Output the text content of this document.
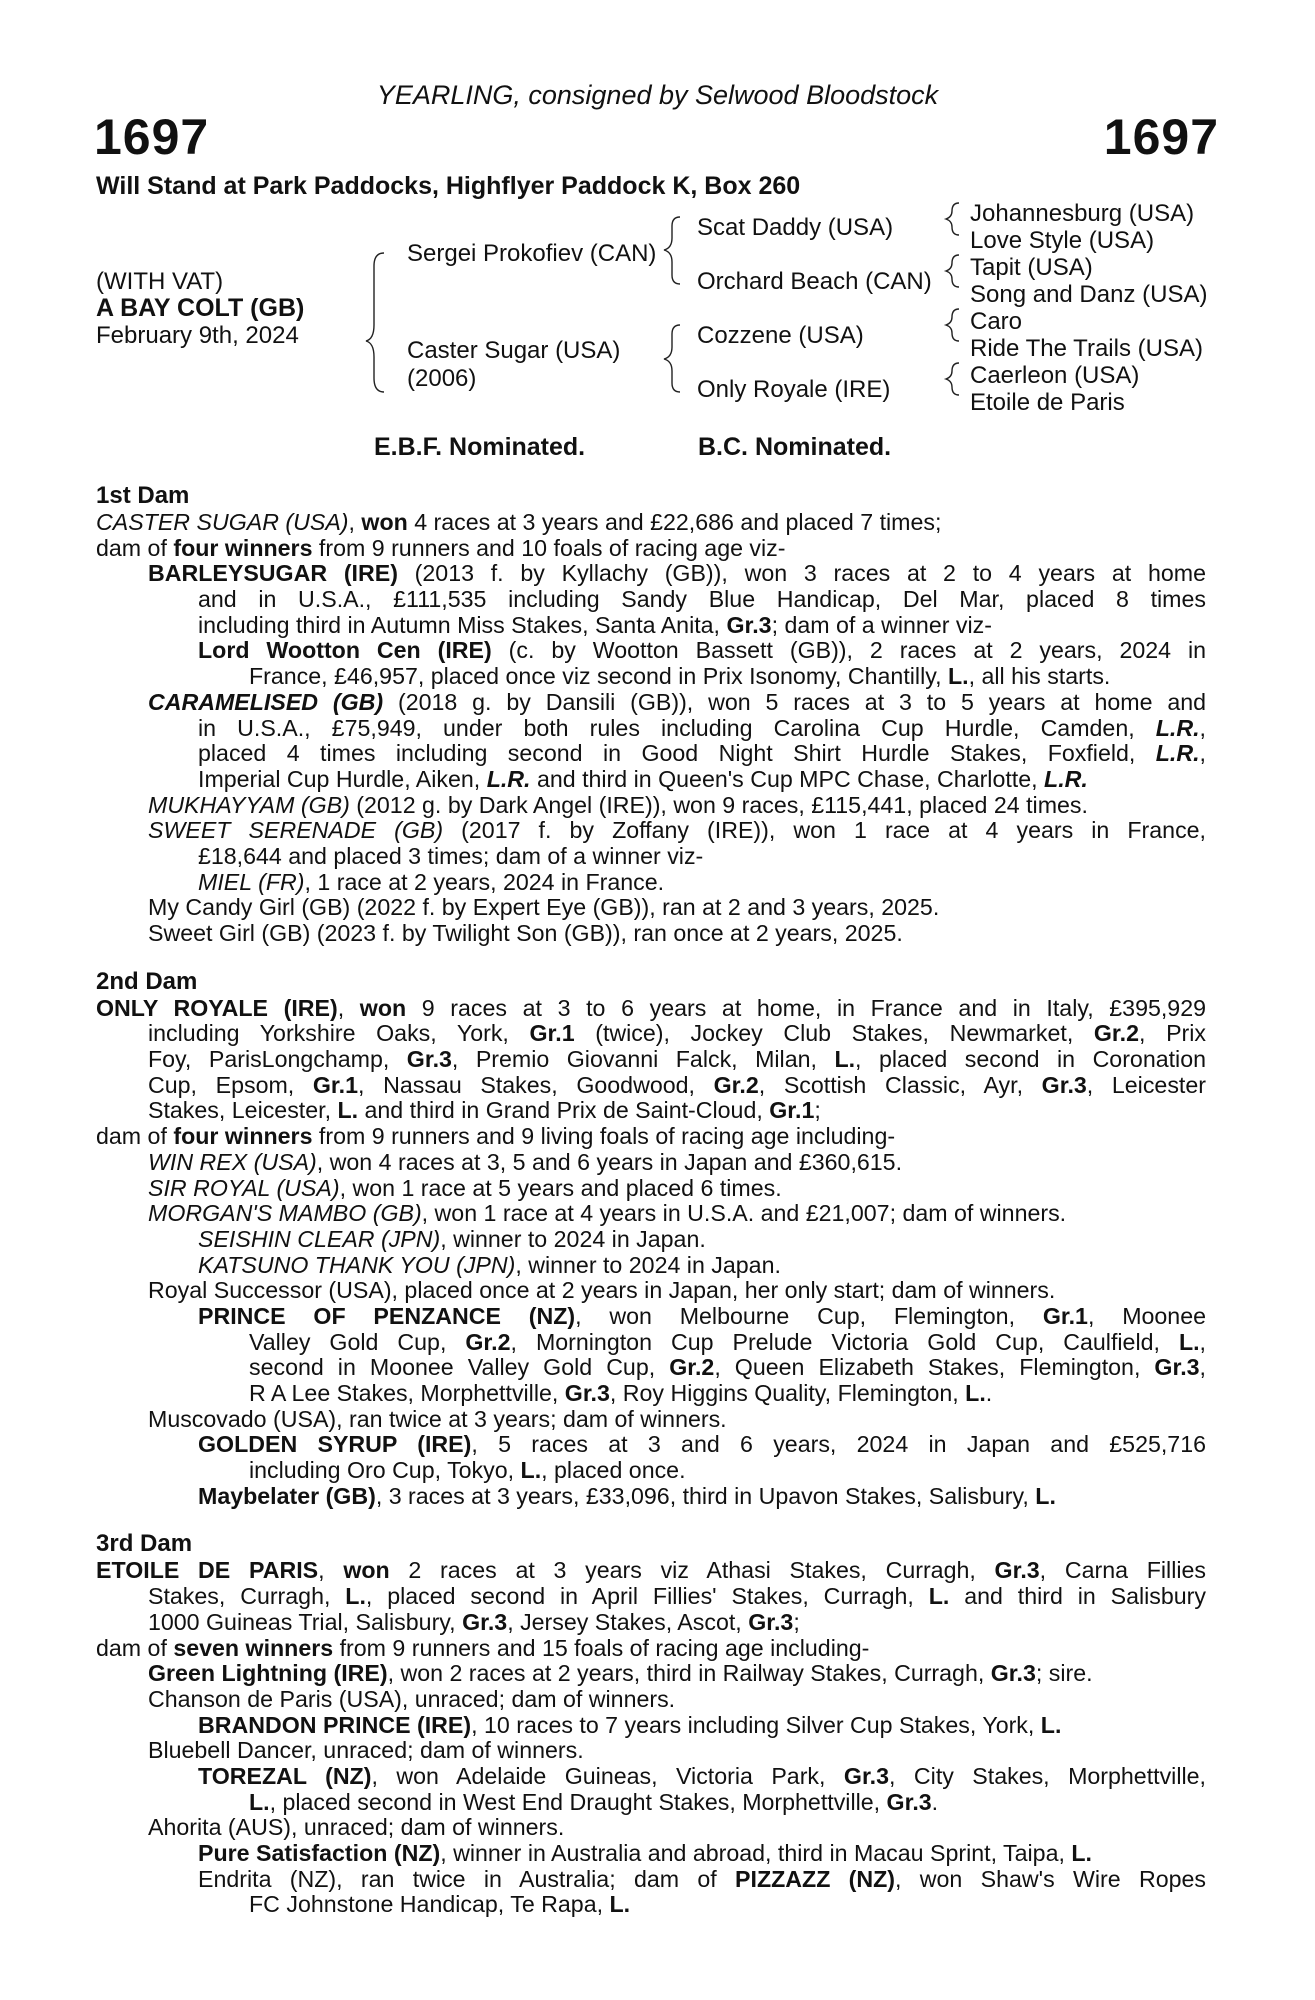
YEARLING, consigned by Selwood Bloodstock
1697	1697
Will Stand at Park Paddocks, Highflyer Paddock K, Box 260
(WITH VAT)
A BAY COLT (GB)
February 9th, 2024
Sergei Prokofiev (CAN)
Caster Sugar (USA)
(2006)
Scat Daddy (USA)
Orchard Beach (CAN)
Cozzene (USA)
Only Royale (IRE)
Johannesburg (USA)
Love Style (USA)
Tapit (USA)
Song and Danz (USA)
Caro
Ride The Trails (USA)
Caerleon (USA)
Etoile de Paris
E.B.F. Nominated.	B.C. Nominated.
1st Dam
CASTER SUGAR (USA), won 4 races at 3 years and £22,686 and placed 7 times;
dam of four winners from 9 runners and 10 foals of racing age viz-
BARLEYSUGAR (IRE) (2013 f. by Kyllachy (GB)), won 3 races at 2 to 4 years at home
and in U.S.A., £111,535 including Sandy Blue Handicap, Del Mar, placed 8 times
including third in Autumn Miss Stakes, Santa Anita, Gr.3; dam of a winner viz-
Lord Wootton Cen (IRE) (c. by Wootton Bassett (GB)), 2 races at 2 years, 2024 in
France, £46,957, placed once viz second in Prix Isonomy, Chantilly, L., all his starts.
CARAMELISED (GB) (2018 g. by Dansili (GB)), won 5 races at 3 to 5 years at home and
in U.S.A., £75,949, under both rules including Carolina Cup Hurdle, Camden, L.R.,
placed 4 times including second in Good Night Shirt Hurdle Stakes, Foxfield, L.R.,
Imperial Cup Hurdle, Aiken, L.R. and third in Queen's Cup MPC Chase, Charlotte, L.R.
MUKHAYYAM (GB) (2012 g. by Dark Angel (IRE)), won 9 races, £115,441, placed 24 times.
SWEET SERENADE (GB) (2017 f. by Zoffany (IRE)), won 1 race at 4 years in France,
£18,644 and placed 3 times; dam of a winner viz-
MIEL (FR), 1 race at 2 years, 2024 in France.
My Candy Girl (GB) (2022 f. by Expert Eye (GB)), ran at 2 and 3 years, 2025.
Sweet Girl (GB) (2023 f. by Twilight Son (GB)), ran once at 2 years, 2025.
2nd Dam
ONLY ROYALE (IRE), won 9 races at 3 to 6 years at home, in France and in Italy, £395,929
including Yorkshire Oaks, York, Gr.1 (twice), Jockey Club Stakes, Newmarket, Gr.2, Prix
Foy, ParisLongchamp, Gr.3, Premio Giovanni Falck, Milan, L., placed second in Coronation
Cup, Epsom, Gr.1, Nassau Stakes, Goodwood, Gr.2, Scottish Classic, Ayr, Gr.3, Leicester
Stakes, Leicester, L. and third in Grand Prix de Saint-Cloud, Gr.1;
dam of four winners from 9 runners and 9 living foals of racing age including-
WIN REX (USA), won 4 races at 3, 5 and 6 years in Japan and £360,615.
SIR ROYAL (USA), won 1 race at 5 years and placed 6 times.
MORGAN'S MAMBO (GB), won 1 race at 4 years in U.S.A. and £21,007; dam of winners.
SEISHIN CLEAR (JPN), winner to 2024 in Japan.
KATSUNO THANK YOU (JPN), winner to 2024 in Japan.
Royal Successor (USA), placed once at 2 years in Japan, her only start; dam of winners.
PRINCE OF PENZANCE (NZ), won Melbourne Cup, Flemington, Gr.1, Moonee
Valley Gold Cup, Gr.2, Mornington Cup Prelude Victoria Gold Cup, Caulfield, L.,
second in Moonee Valley Gold Cup, Gr.2, Queen Elizabeth Stakes, Flemington, Gr.3,
R A Lee Stakes, Morphettville, Gr.3, Roy Higgins Quality, Flemington, L..
Muscovado (USA), ran twice at 3 years; dam of winners.
GOLDEN SYRUP (IRE), 5 races at 3 and 6 years, 2024 in Japan and £525,716
including Oro Cup, Tokyo, L., placed once.
Maybelater (GB), 3 races at 3 years, £33,096, third in Upavon Stakes, Salisbury, L.
3rd Dam
ETOILE DE PARIS, won 2 races at 3 years viz Athasi Stakes, Curragh, Gr.3, Carna Fillies
Stakes, Curragh, L., placed second in April Fillies' Stakes, Curragh, L. and third in Salisbury
1000 Guineas Trial, Salisbury, Gr.3, Jersey Stakes, Ascot, Gr.3;
dam of seven winners from 9 runners and 15 foals of racing age including-
Green Lightning (IRE), won 2 races at 2 years, third in Railway Stakes, Curragh, Gr.3; sire.
Chanson de Paris (USA), unraced; dam of winners.
BRANDON PRINCE (IRE), 10 races to 7 years including Silver Cup Stakes, York, L.
Bluebell Dancer, unraced; dam of winners.
TOREZAL (NZ), won Adelaide Guineas, Victoria Park, Gr.3, City Stakes, Morphettville,
L., placed second in West End Draught Stakes, Morphettville, Gr.3.
Ahorita (AUS), unraced; dam of winners.
Pure Satisfaction (NZ), winner in Australia and abroad, third in Macau Sprint, Taipa, L.
Endrita (NZ), ran twice in Australia; dam of PIZZAZZ (NZ), won Shaw's Wire Ropes
FC Johnstone Handicap, Te Rapa, L.
